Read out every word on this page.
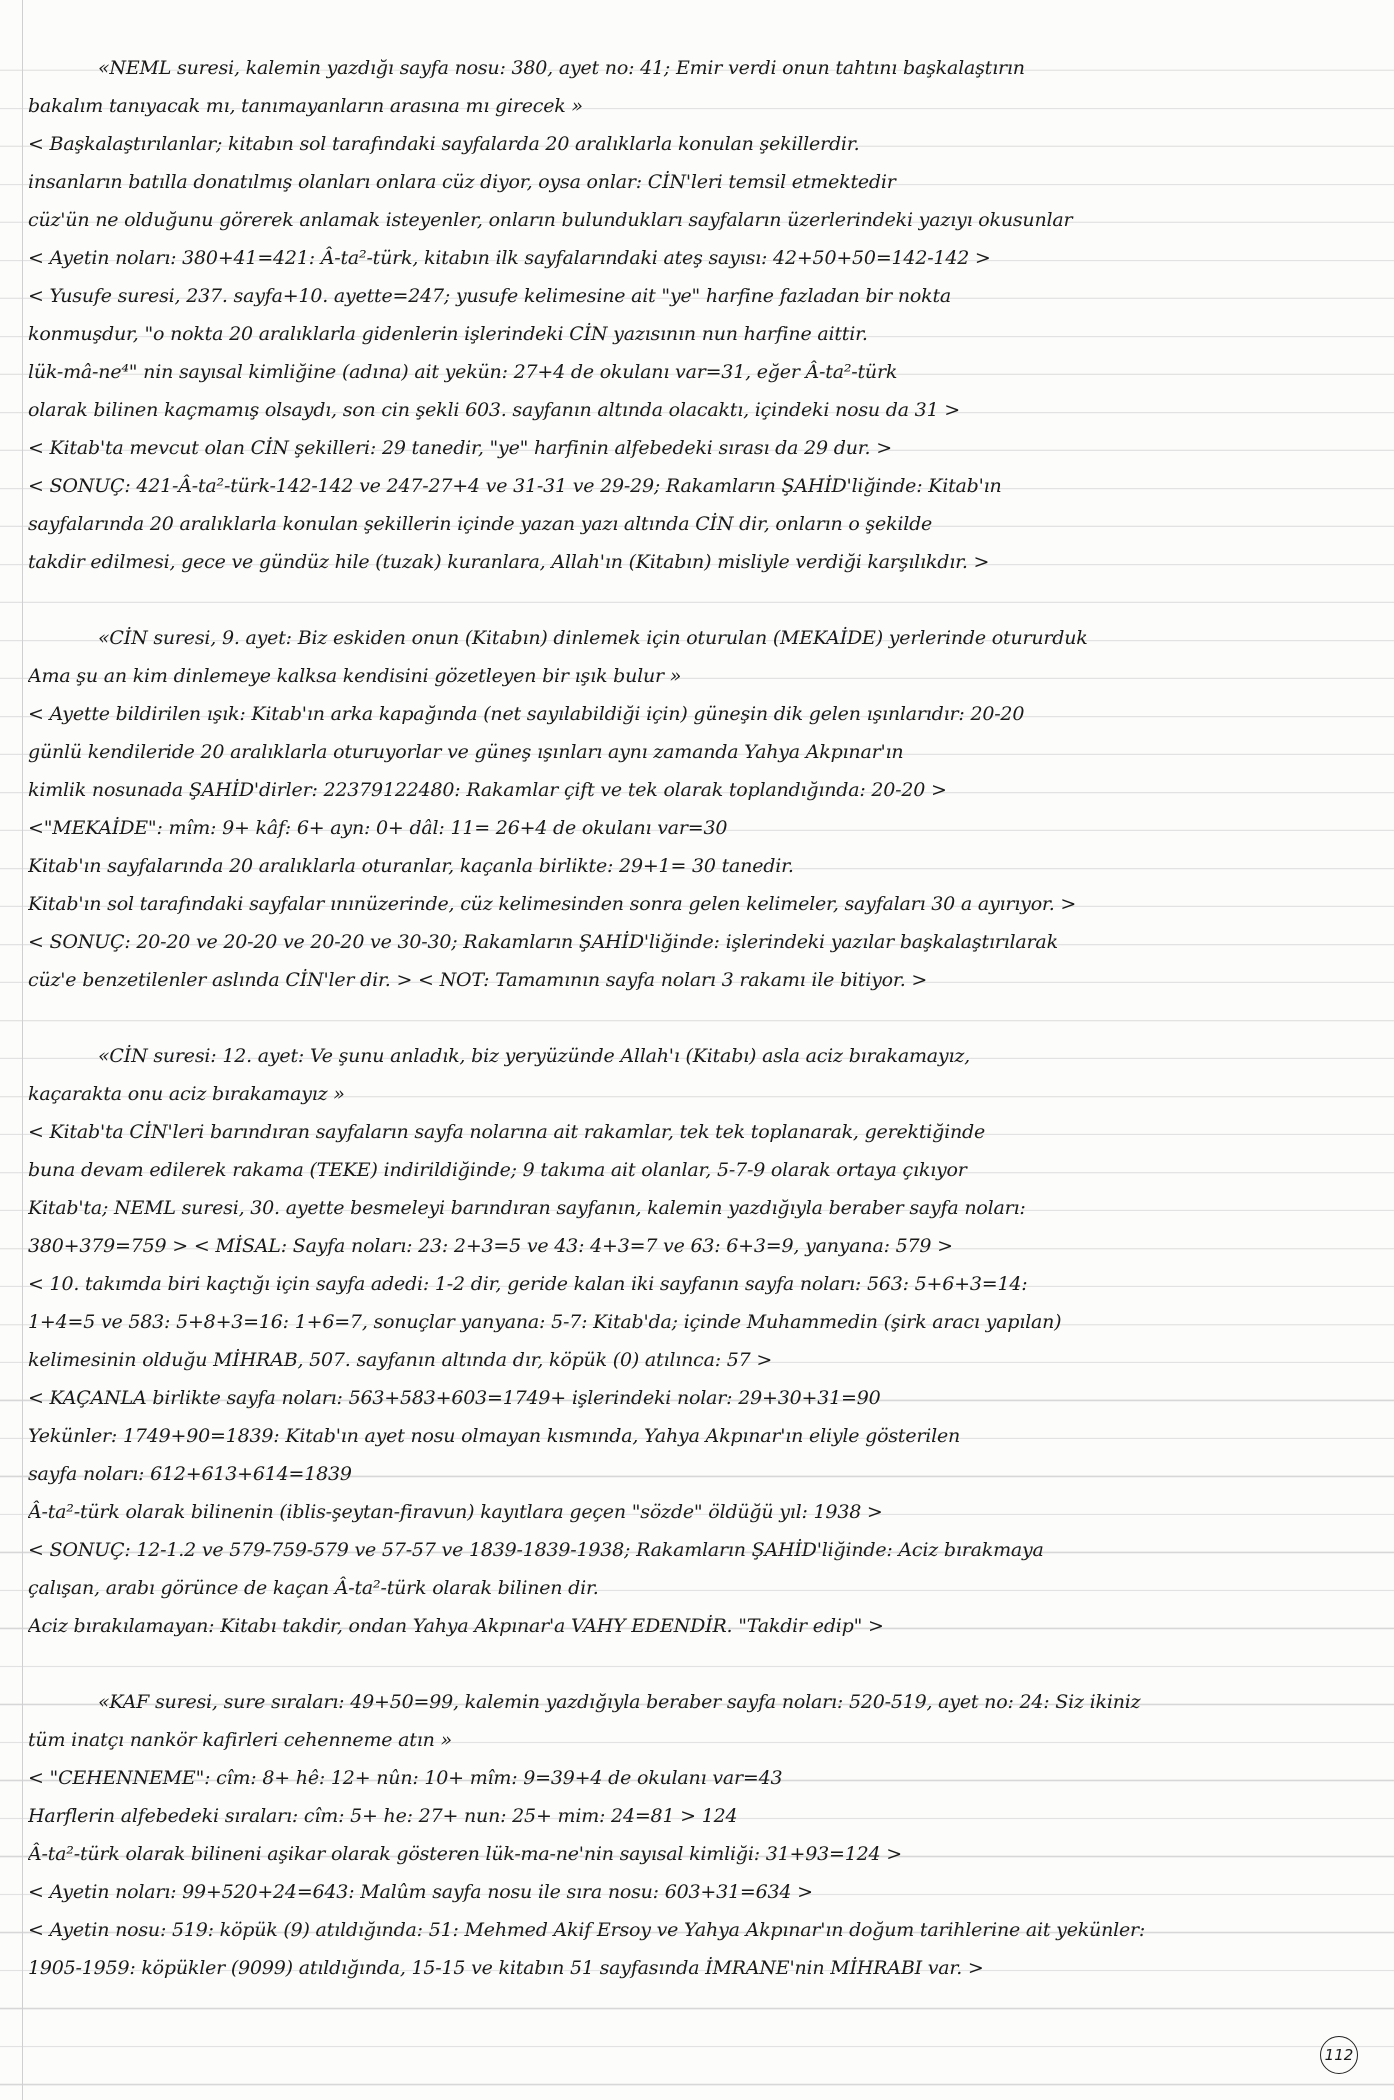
«NEML suresi, kalemin yazdığı sayfa nosu: 380, ayet no: 41; Emir verdi onun tahtını başkalaştırın
bakalım tanıyacak mı, tanımayanların arasına mı girecek »
< Başkalaştırılanlar; kitabın sol tarafındaki sayfalarda 20 aralıklarla konulan şekillerdir.
insanların batılla donatılmış olanları onlara cüz diyor, oysa onlar: CİN'leri temsil etmektedir
cüz'ün ne olduğunu görerek anlamak isteyenler, onların bulundukları sayfaların üzerlerindeki yazıyı okusunlar
< Ayetin noları: 380+41=421: Â-ta²-türk, kitabın ilk sayfalarındaki ateş sayısı: 42+50+50=142-142 >
< Yusufe suresi, 237. sayfa+10. ayette=247; yusufe kelimesine ait "ye" harfine fazladan bir nokta
konmuşdur, "o nokta 20 aralıklarla gidenlerin işlerindeki CİN yazısının nun harfine aittir.
lük-mâ-ne⁴" nin sayısal kimliğine (adına) ait yekün: 27+4 de okulanı var=31, eğer Â-ta²-türk
olarak bilinen kaçmamış olsaydı, son cin şekli 603. sayfanın altında olacaktı, içindeki nosu da 31 >
< Kitab'ta mevcut olan CİN şekilleri: 29 tanedir, "ye" harfinin alfebedeki sırası da 29 dur. >
< SONUÇ: 421-Â-ta²-türk-142-142 ve 247-27+4 ve 31-31 ve 29-29; Rakamların ŞAHİD'liğinde: Kitab'ın
sayfalarında 20 aralıklarla konulan şekillerin içinde yazan yazı altında CİN dir, onların o şekilde
takdir edilmesi, gece ve gündüz hile (tuzak) kuranlara, Allah'ın (Kitabın) misliyle verdiği karşılıkdır. >
«CİN suresi, 9. ayet: Biz eskiden onun (Kitabın) dinlemek için oturulan (MEKAİDE) yerlerinde otururduk
Ama şu an kim dinlemeye kalksa kendisini gözetleyen bir ışık bulur »
< Ayette bildirilen ışık: Kitab'ın arka kapağında (net sayılabildiği için) güneşin dik gelen ışınlarıdır: 20-20
günlü kendileride 20 aralıklarla oturuyorlar ve güneş ışınları aynı zamanda Yahya Akpınar'ın
kimlik nosunada ŞAHİD'dirler: 22379122480: Rakamlar çift ve tek olarak toplandığında: 20-20 >
<"MEKAİDE": mîm: 9+ kâf: 6+ ayn: 0+ dâl: 11= 26+4 de okulanı var=30
Kitab'ın sayfalarında 20 aralıklarla oturanlar, kaçanla birlikte: 29+1= 30 tanedir.
Kitab'ın sol tarafındaki sayfalar ınınüzerinde, cüz kelimesinden sonra gelen kelimeler, sayfaları 30 a ayırıyor. >
< SONUÇ: 20-20 ve 20-20 ve 20-20 ve 30-30; Rakamların ŞAHİD'liğinde: işlerindeki yazılar başkalaştırılarak
cüz'e benzetilenler aslında CİN'ler dir. > < NOT: Tamamının sayfa noları 3 rakamı ile bitiyor. >
«CİN suresi: 12. ayet: Ve şunu anladık, biz yeryüzünde Allah'ı (Kitabı) asla aciz bırakamayız,
kaçarakta onu aciz bırakamayız »
< Kitab'ta CİN'leri barındıran sayfaların sayfa nolarına ait rakamlar, tek tek toplanarak, gerektiğinde
buna devam edilerek rakama (TEKE) indirildiğinde; 9 takıma ait olanlar, 5-7-9 olarak ortaya çıkıyor
Kitab'ta; NEML suresi, 30. ayette besmeleyi barındıran sayfanın, kalemin yazdığıyla beraber sayfa noları:
380+379=759 > < MİSAL: Sayfa noları: 23: 2+3=5 ve 43: 4+3=7 ve 63: 6+3=9, yanyana: 579 >
< 10. takımda biri kaçtığı için sayfa adedi: 1-2 dir, geride kalan iki sayfanın sayfa noları: 563: 5+6+3=14:
1+4=5 ve 583: 5+8+3=16: 1+6=7, sonuçlar yanyana: 5-7: Kitab'da; içinde Muhammedin (şirk aracı yapılan)
kelimesinin olduğu MİHRAB, 507. sayfanın altında dır, köpük (0) atılınca: 57 >
< KAÇANLA birlikte sayfa noları: 563+583+603=1749+ işlerindeki nolar: 29+30+31=90
Yekünler: 1749+90=1839: Kitab'ın ayet nosu olmayan kısmında, Yahya Akpınar'ın eliyle gösterilen
sayfa noları: 612+613+614=1839
Â-ta²-türk olarak bilinenin (iblis-şeytan-firavun) kayıtlara geçen "sözde" öldüğü yıl: 1938 >
< SONUÇ: 12-1.2 ve 579-759-579 ve 57-57 ve 1839-1839-1938; Rakamların ŞAHİD'liğinde: Aciz bırakmaya
çalışan, arabı görünce de kaçan Â-ta²-türk olarak bilinen dir.
Aciz bırakılamayan: Kitabı takdir, ondan Yahya Akpınar'a VAHY EDENDİR. "Takdir edip" >
«KAF suresi, sure sıraları: 49+50=99, kalemin yazdığıyla beraber sayfa noları: 520-519, ayet no: 24: Siz ikiniz
tüm inatçı nankör kafirleri cehenneme atın »
< "CEHENNEME": cîm: 8+ hê: 12+ nûn: 10+ mîm: 9=39+4 de okulanı var=43
Harflerin alfebedeki sıraları: cîm: 5+ he: 27+ nun: 25+ mim: 24=81 > 124
Â-ta²-türk olarak bilineni aşikar olarak gösteren lük-ma-ne'nin sayısal kimliği: 31+93=124 >
< Ayetin noları: 99+520+24=643: Malûm sayfa nosu ile sıra nosu: 603+31=634 >
< Ayetin nosu: 519: köpük (9) atıldığında: 51: Mehmed Akif Ersoy ve Yahya Akpınar'ın doğum tarihlerine ait yekünler:
1905-1959: köpükler (9099) atıldığında, 15-15 ve kitabın 51 sayfasında İMRANE'nin MİHRABI var. >
112
